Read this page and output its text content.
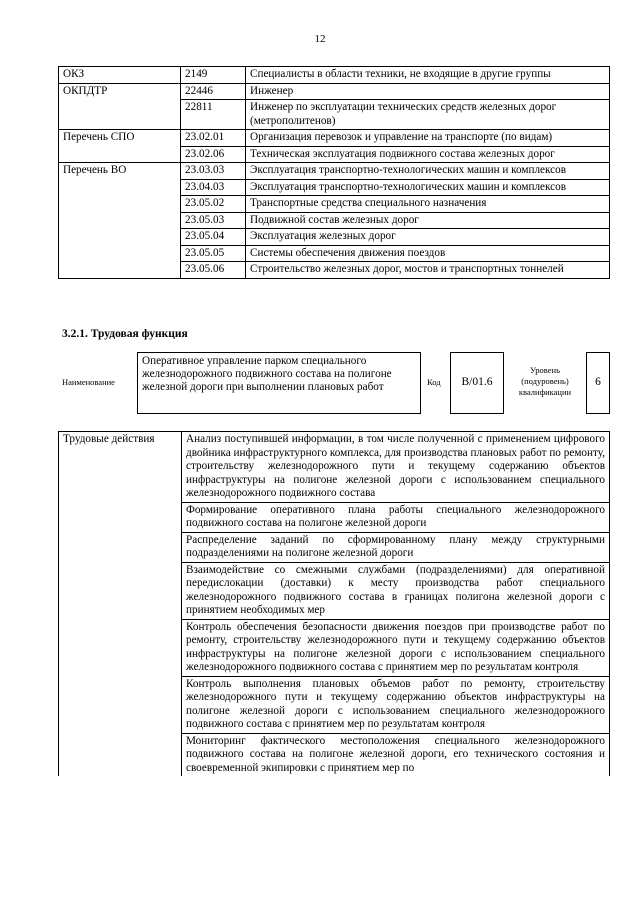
12
ОКЗ	2149	Специалисты в области техники, не входящие в другие группы
ОКПДТР	22446	Инженер
	22811	Инженер по эксплуатации технических средств железных дорог (метрополитенов)
Перечень СПО	23.02.01	Организация перевозок и управление на транспорте (по видам)
	23.02.06	Техническая эксплуатация подвижного состава железных дорог
Перечень ВО	23.03.03	Эксплуатация транспортно-технологических машин и комплексов
	23.04.03	Эксплуатация транспортно-технологических машин и комплексов
	23.05.02	Транспортные средства специального назначения
	23.05.03	Подвижной состав железных дорог
	23.05.04	Эксплуатация железных дорог
	23.05.05	Системы обеспечения движения поездов
	23.05.06	Строительство железных дорог, мостов и транспортных тоннелей
3.2.1. Трудовая функция
Наименование
Оперативное управление парком специального железнодорожного подвижного состава на полигоне железной дороги при выполнении плановых работ	Код	B/01.6
Уровень
(подуровень)
квалификации
6
Трудовые действия	Анализ поступившей информации, в том числе полученной с применением цифрового двойника инфраструктурного комплекса, для производства плановых работ по ремонту, строительству железнодорожного пути и текущему содержанию объектов инфраструктуры на полигоне железной дороги с использованием специального железнодорожного подвижного состава
Формирование оперативного плана работы специального железнодорожного подвижного состава на полигоне железной дороги
Распределение заданий по сформированному плану между структурными подразделениями на полигоне железной дороги
Взаимодействие со смежными службами (подразделениями) для оперативной передислокации (доставки) к месту производства работ специального железнодорожного подвижного состава в границах полигона железной дороги с принятием необходимых мер
Контроль обеспечения безопасности движения поездов при производстве работ по ремонту, строительству железнодорожного пути и текущему содержанию объектов инфраструктуры на полигоне железной дороги с использованием специального железнодорожного подвижного состава с принятием мер по результатам контроля
Контроль выполнения плановых объемов работ по ремонту, строительству железнодорожного пути и текущему содержанию объектов инфраструктуры на полигоне железной дороги с использованием специального железнодорожного подвижного состава с принятием мер по результатам контроля
Мониторинг фактического местоположения специального железнодорожного подвижного состава на полигоне железной дороги, его технического состояния и своевременной экипировки с принятием мер по
